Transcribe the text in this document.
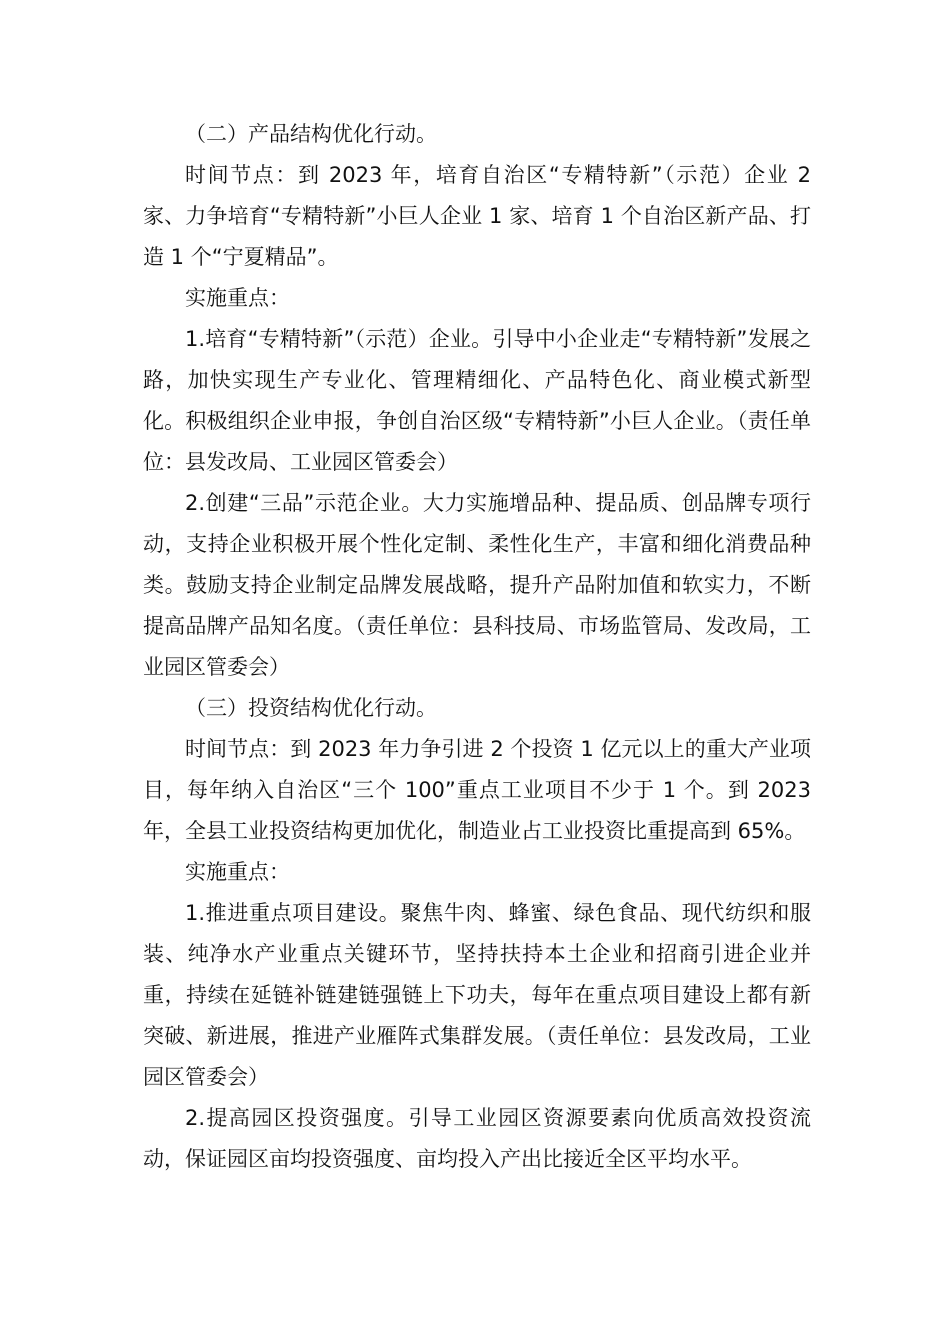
（二）产品结构优化行动。

时间节点：到 2023 年，培育自治区“专精特新”（示范）企业 2 家、力争培育“专精特新”小巨人企业 1 家、培育 1 个自治区新产品、打造 1 个“宁夏精品”。

实施重点：

1.培育“专精特新”（示范）企业。引导中小企业走“专精特新”发展之路，加快实现生产专业化、管理精细化、产品特色化、商业模式新型化。积极组织企业申报，争创自治区级“专精特新”小巨人企业。（责任单位：县发改局、工业园区管委会）

2.创建“三品”示范企业。大力实施增品种、提品质、创品牌专项行动，支持企业积极开展个性化定制、柔性化生产，丰富和细化消费品种类。鼓励支持企业制定品牌发展战略，提升产品附加值和软实力，不断提高品牌产品知名度。（责任单位：县科技局、市场监管局、发改局，工业园区管委会）

（三）投资结构优化行动。

时间节点：到 2023 年力争引进 2 个投资 1 亿元以上的重大产业项目，每年纳入自治区“三个 100”重点工业项目不少于 1 个。到 2023 年，全县工业投资结构更加优化，制造业占工业投资比重提高到 65%。

实施重点：

1.推进重点项目建设。聚焦牛肉、蜂蜜、绿色食品、现代纺织和服装、纯净水产业重点关键环节，坚持扶持本土企业和招商引进企业并重，持续在延链补链建链强链上下功夫，每年在重点项目建设上都有新突破、新进展，推进产业雁阵式集群发展。（责任单位：县发改局，工业园区管委会）

2.提高园区投资强度。引导工业园区资源要素向优质高效投资流动，保证园区亩均投资强度、亩均投入产出比接近全区平均水平。
